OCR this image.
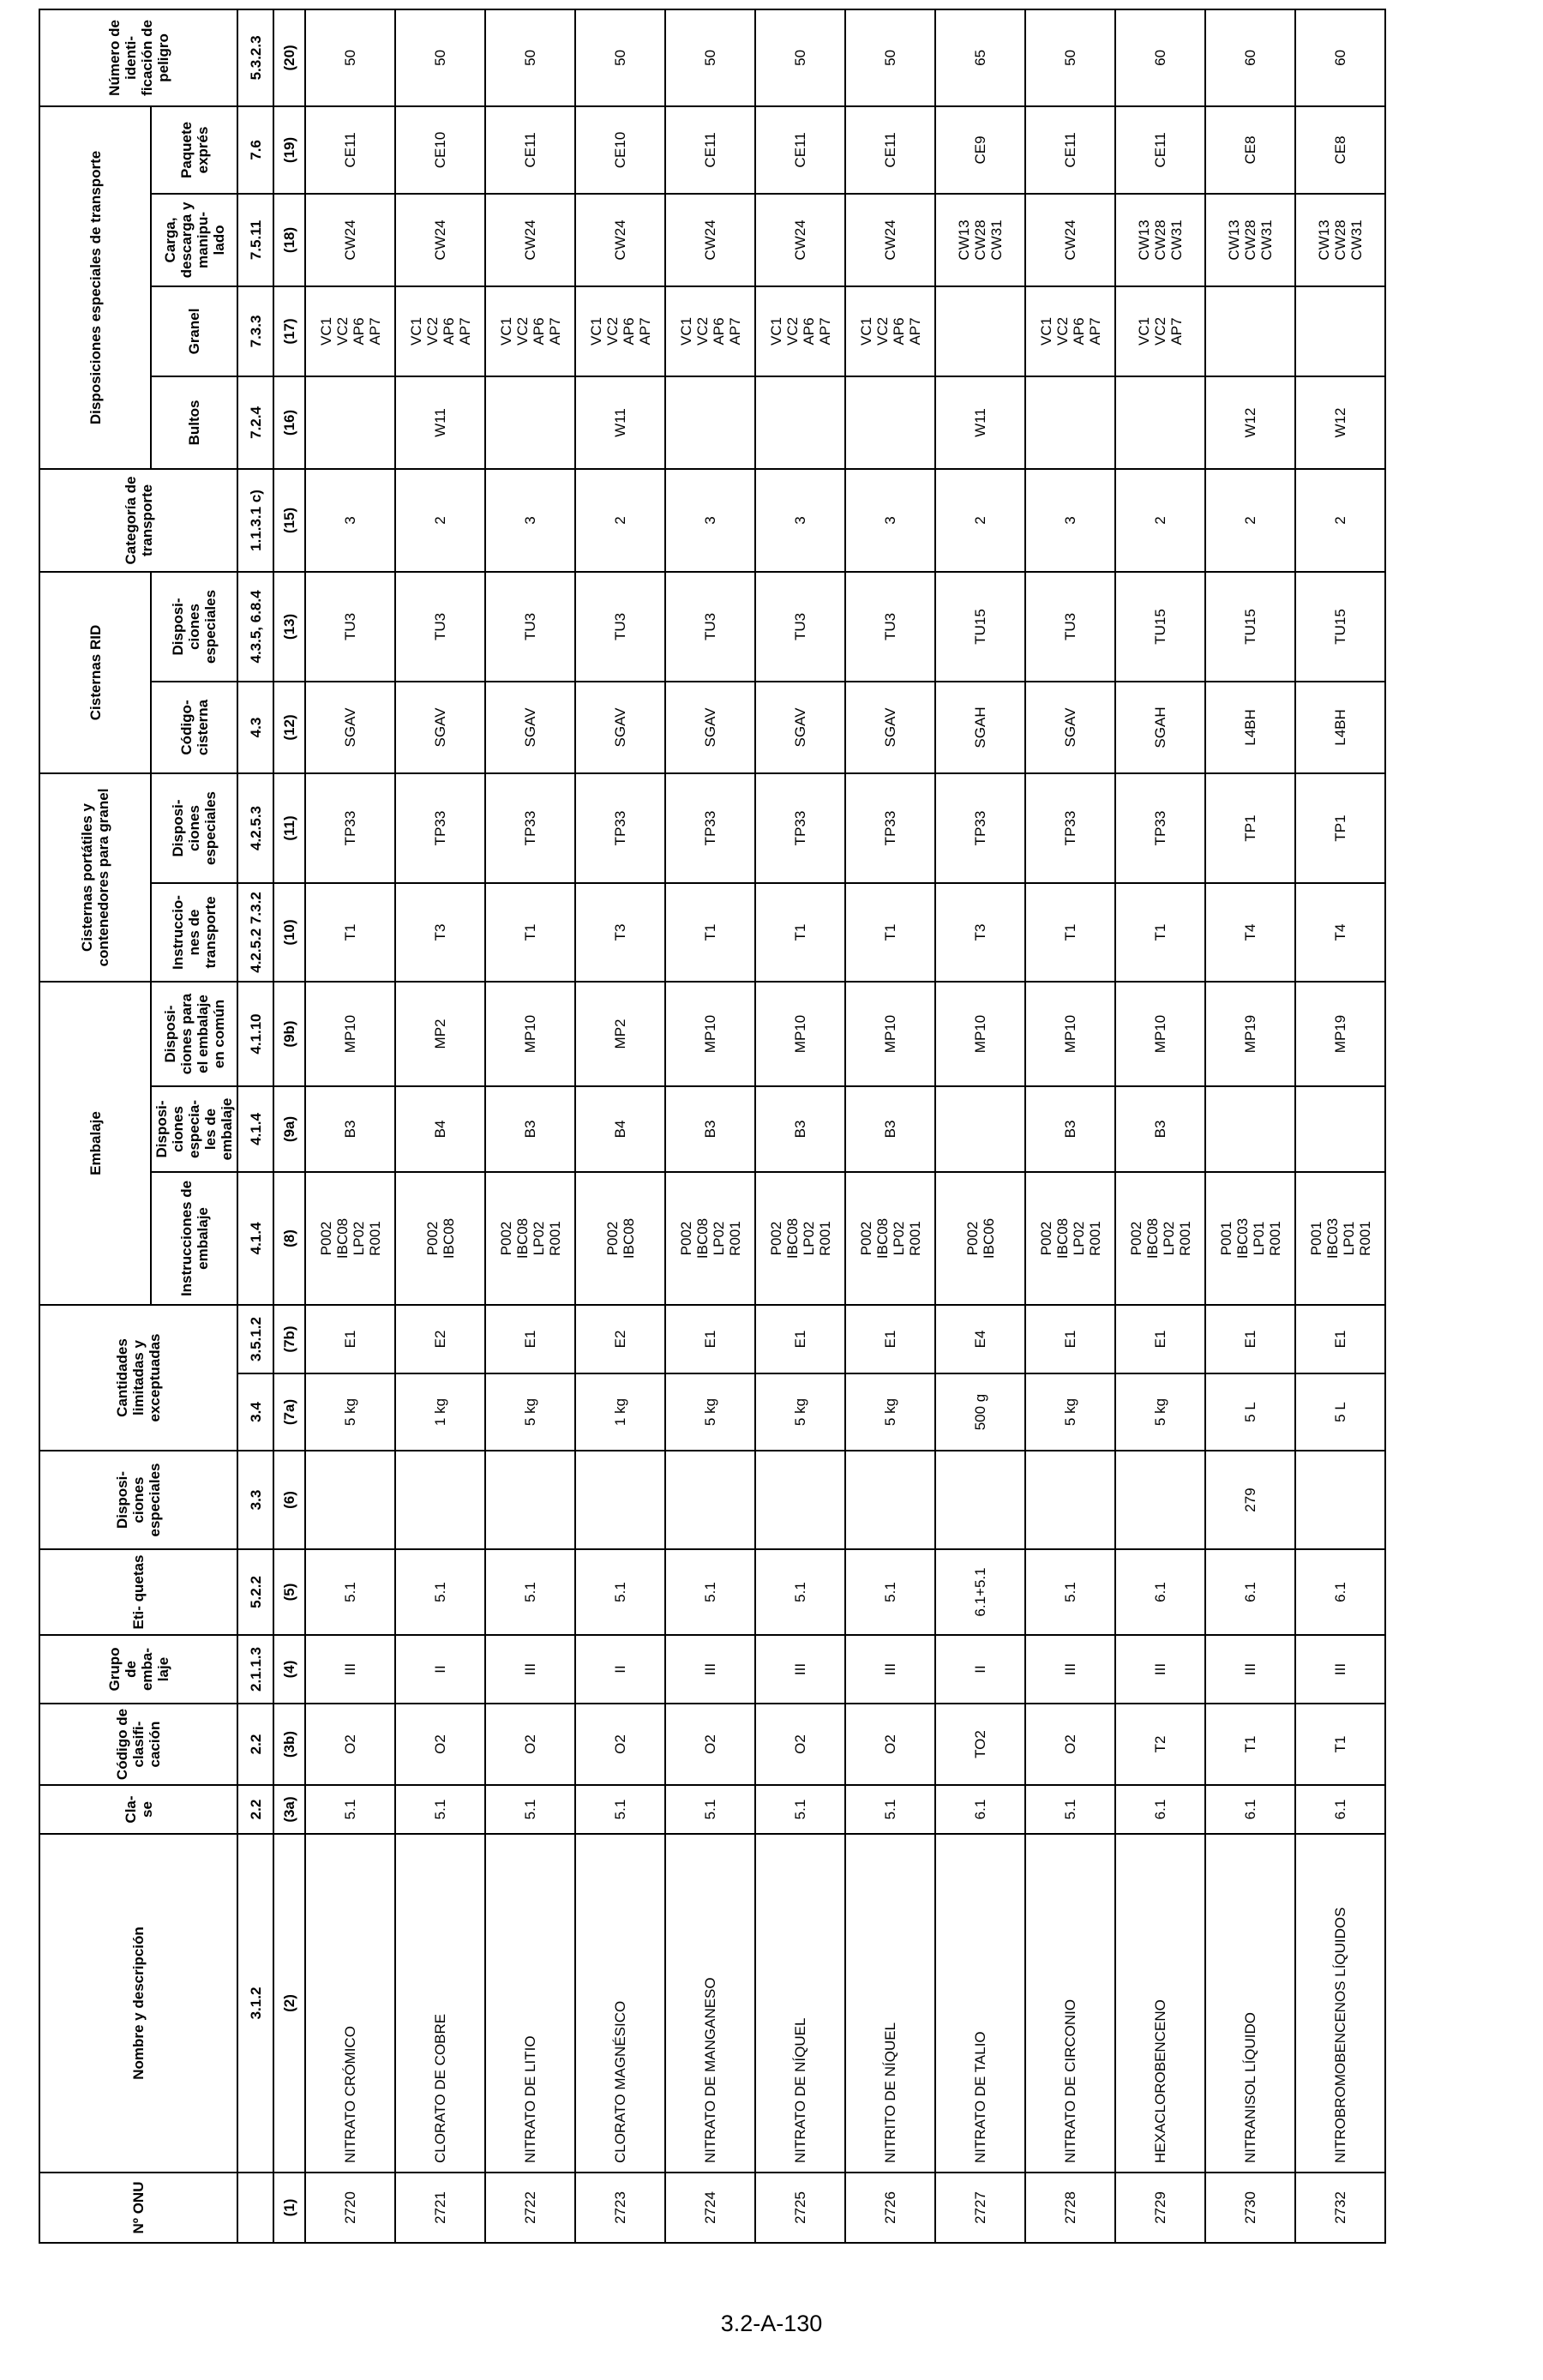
Nº ONU	Nombre y descripción	Cla- se	Código de clasifi- cación	Grupo de emba- laje	Eti- quetas	Disposi- ciones especiales	Cantidades limitadas y exceptuadas		Embalaje			Cisternas portátiles y contenedores para granel		Cisternas RID		Categoría de transporte	Disposiciones especiales de transporte				Número de identi- ficación de peligro
									Instrucciones de embalaje	Disposi- ciones especia- les de embalaje	Disposi- ciones para el embalaje en común	Instruccio- nes de transporte	Disposi- ciones especiales	Código- cisterna	Disposi- ciones especiales		Bultos	Granel	Carga, descarga y manipu- lado	Paquete exprés	
	3.1.2	2.2	2.2	2.1.1.3	5.2.2	3.3	3.4	3.5.1.2	4.1.4	4.1.4	4.1.10	4.2.5.2 7.3.2	4.2.5.3	4.3	4.3.5, 6.8.4	1.1.3.1 c)	7.2.4	7.3.3	7.5.11	7.6	5.3.2.3
(1)	(2)	(3a)	(3b)	(4)	(5)	(6)	(7a)	(7b)	(8)	(9a)	(9b)	(10)	(11)	(12)	(13)	(15)	(16)	(17)	(18)	(19)	(20)
2720	NITRATO CRÓMICO	5.1	O2	III	5.1		5 kg	E1	P002
IBC08
LP02
R001	B3	MP10	T1	TP33	SGAV	TU3	3		VC1
VC2
AP6
AP7	CW24	CE11	50
2721	CLORATO DE COBRE	5.1	O2	II	5.1		1 kg	E2	P002
IBC08	B4	MP2	T3	TP33	SGAV	TU3	2	W11	VC1
VC2
AP6
AP7	CW24	CE10	50
2722	NITRATO DE LITIO	5.1	O2	III	5.1		5 kg	E1	P002
IBC08
LP02
R001	B3	MP10	T1	TP33	SGAV	TU3	3		VC1
VC2
AP6
AP7	CW24	CE11	50
2723	CLORATO MAGNÉSICO	5.1	O2	II	5.1		1 kg	E2	P002
IBC08	B4	MP2	T3	TP33	SGAV	TU3	2	W11	VC1
VC2
AP6
AP7	CW24	CE10	50
2724	NITRATO DE MANGANESO	5.1	O2	III	5.1		5 kg	E1	P002
IBC08
LP02
R001	B3	MP10	T1	TP33	SGAV	TU3	3		VC1
VC2
AP6
AP7	CW24	CE11	50
2725	NITRATO DE NÍQUEL	5.1	O2	III	5.1		5 kg	E1	P002
IBC08
LP02
R001	B3	MP10	T1	TP33	SGAV	TU3	3		VC1
VC2
AP6
AP7	CW24	CE11	50
2726	NITRITO DE NÍQUEL	5.1	O2	III	5.1		5 kg	E1	P002
IBC08
LP02
R001	B3	MP10	T1	TP33	SGAV	TU3	3		VC1
VC2
AP6
AP7	CW24	CE11	50
2727	NITRATO DE TALIO	6.1	TO2	II	6.1+5.1		500 g	E4	P002
IBC06		MP10	T3	TP33	SGAH	TU15	2	W11		CW13
CW28
CW31	CE9	65
2728	NITRATO DE CIRCONIO	5.1	O2	III	5.1		5 kg	E1	P002
IBC08
LP02
R001	B3	MP10	T1	TP33	SGAV	TU3	3		VC1
VC2
AP6
AP7	CW24	CE11	50
2729	HEXACLOROBENCENO	6.1	T2	III	6.1		5 kg	E1	P002
IBC08
LP02
R001	B3	MP10	T1	TP33	SGAH	TU15	2		VC1
VC2
AP7	CW13
CW28
CW31	CE11	60
2730	NITRANISOL LÍQUIDO	6.1	T1	III	6.1	279	5 L	E1	P001
IBC03
LP01
R001		MP19	T4	TP1	L4BH	TU15	2	W12		CW13
CW28
CW31	CE8	60
2732	NITROBROMOBENCENOS LÍQUIDOS	6.1	T1	III	6.1		5 L	E1	P001
IBC03
LP01
R001		MP19	T4	TP1	L4BH	TU15	2	W12		CW13
CW28
CW31	CE8	60
3.2-A-130
